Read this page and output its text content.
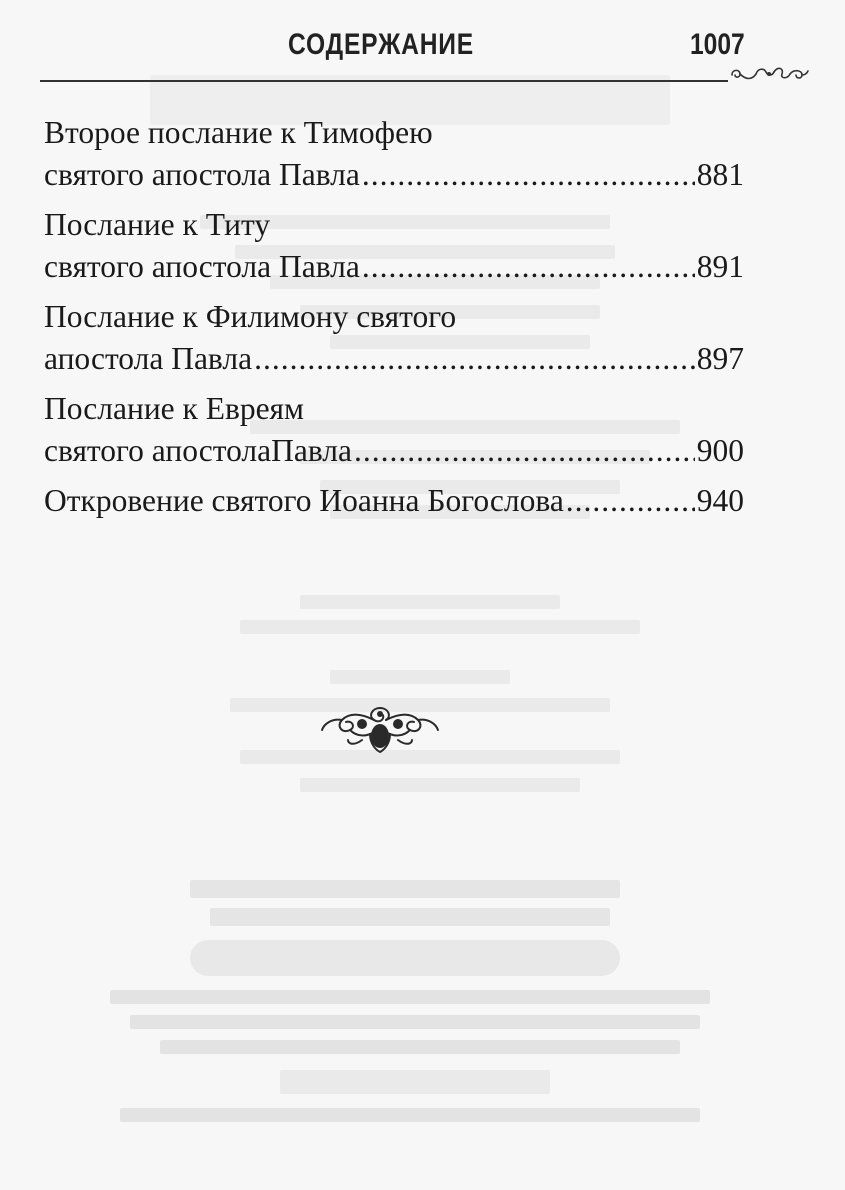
СОДЕРЖАНИЕ	1007
Второе послание к Тимофею
святого апостола Павла .....	881
Послание к Титу
святого апостола Павла .....	891
Послание к Филимону святого
апостола Павла .....	897
Послание к Евреям
святого апостолаПавла .....	900
Откровение святого Иоанна Богослова .....	940
